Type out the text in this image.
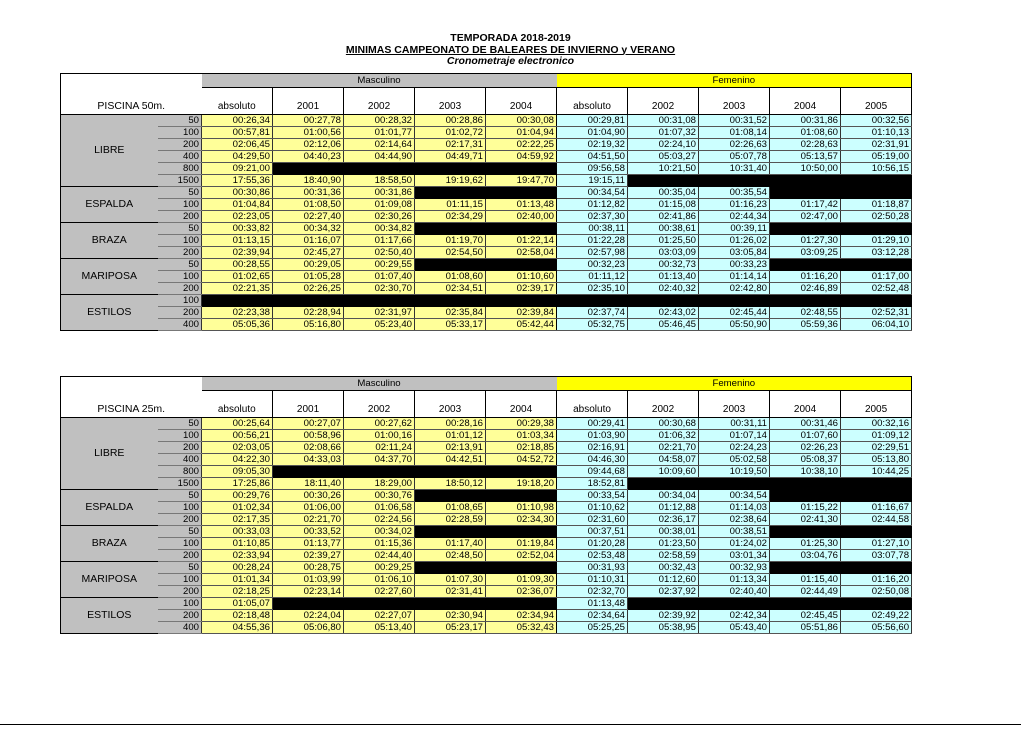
TEMPORADA 2018-2019
MINIMAS CAMPEONATO DE BALEARES DE INVIERNO y VERANO
Cronometraje electronico
PISCINA 50m.		Masculino					Femenino				
		absoluto	2001	2002	2003	2004	absoluto	2002	2003	2004	2005
LIBRE	50	00:26,34	00:27,78	00:28,32	00:28,86	00:30,08	00:29,81	00:31,08	00:31,52	00:31,86	00:32,56
	100	00:57,81	01:00,56	01:01,77	01:02,72	01:04,94	01:04,90	01:07,32	01:08,14	01:08,60	01:10,13
	200	02:06,45	02:12,06	02:14,64	02:17,31	02:22,25	02:19,32	02:24,10	02:26,63	02:28,63	02:31,91
	400	04:29,50	04:40,23	04:44,90	04:49,71	04:59,92	04:51,50	05:03,27	05:07,78	05:13,57	05:19,00
	800	09:21,00					09:56,58	10:21,50	10:31,40	10:50,00	10:56,15
	1500	17:55,36	18:40,90	18:58,50	19:19,62	19:47,70	19:15,11				
ESPALDA	50	00:30,86	00:31,36	00:31,86			00:34,54	00:35,04	00:35,54		
	100	01:04,84	01:08,50	01:09,08	01:11,15	01:13,48	01:12,82	01:15,08	01:16,23	01:17,42	01:18,87
	200	02:23,05	02:27,40	02:30,26	02:34,29	02:40,00	02:37,30	02:41,86	02:44,34	02:47,00	02:50,28
BRAZA	50	00:33,82	00:34,32	00:34,82			00:38,11	00:38,61	00:39,11		
	100	01:13,15	01:16,07	01:17,66	01:19,70	01:22,14	01:22,28	01:25,50	01:26,02	01:27,30	01:29,10
	200	02:39,94	02:45,27	02:50,40	02:54,50	02:58,04	02:57,98	03:03,09	03:05,84	03:09,25	03:12,28
MARIPOSA	50	00:28,55	00:29,05	00:29,55			00:32,23	00:32,73	00:33,23		
	100	01:02,65	01:05,28	01:07,40	01:08,60	01:10,60	01:11,12	01:13,40	01:14,14	01:16,20	01:17,00
	200	02:21,35	02:26,25	02:30,70	02:34,51	02:39,17	02:35,10	02:40,32	02:42,80	02:46,89	02:52,48
ESTILOS	100										
	200	02:23,38	02:28,94	02:31,97	02:35,84	02:39,84	02:37,74	02:43,02	02:45,44	02:48,55	02:52,31
	400	05:05,36	05:16,80	05:23,40	05:33,17	05:42,44	05:32,75	05:46,45	05:50,90	05:59,36	06:04,10
PISCINA 25m.		Masculino					Femenino				
		absoluto	2001	2002	2003	2004	absoluto	2002	2003	2004	2005
LIBRE	50	00:25,64	00:27,07	00:27,62	00:28,16	00:29,38	00:29,41	00:30,68	00:31,11	00:31,46	00:32,16
	100	00:56,21	00:58,96	01:00,16	01:01,12	01:03,34	01:03,90	01:06,32	01:07,14	01:07,60	01:09,12
	200	02:03,05	02:08,66	02:11,24	02:13,91	02:18,85	02:16,91	02:21,70	02:24,23	02:26,23	02:29,51
	400	04:22,30	04:33,03	04:37,70	04:42,51	04:52,72	04:46,30	04:58,07	05:02,58	05:08,37	05:13,80
	800	09:05,30					09:44,68	10:09,60	10:19,50	10:38,10	10:44,25
	1500	17:25,86	18:11,40	18:29,00	18:50,12	19:18,20	18:52,81				
ESPALDA	50	00:29,76	00:30,26	00:30,76			00:33,54	00:34,04	00:34,54		
	100	01:02,34	01:06,00	01:06,58	01:08,65	01:10,98	01:10,62	01:12,88	01:14,03	01:15,22	01:16,67
	200	02:17,35	02:21,70	02:24,56	02:28,59	02:34,30	02:31,60	02:36,17	02:38,64	02:41,30	02:44,58
BRAZA	50	00:33,03	00:33,52	00:34,02			00:37,51	00:38,01	00:38,51		
	100	01:10,85	01:13,77	01:15,36	01:17,40	01:19,84	01:20,28	01:23,50	01:24,02	01:25,30	01:27,10
	200	02:33,94	02:39,27	02:44,40	02:48,50	02:52,04	02:53,48	02:58,59	03:01,34	03:04,76	03:07,78
MARIPOSA	50	00:28,24	00:28,75	00:29,25			00:31,93	00:32,43	00:32,93		
	100	01:01,34	01:03,99	01:06,10	01:07,30	01:09,30	01:10,31	01:12,60	01:13,34	01:15,40	01:16,20
	200	02:18,25	02:23,14	02:27,60	02:31,41	02:36,07	02:32,70	02:37,92	02:40,40	02:44,49	02:50,08
ESTILOS	100	01:05,07					01:13,48				
	200	02:18,48	02:24,04	02:27,07	02:30,94	02:34,94	02:34,64	02:39,92	02:42,34	02:45,45	02:49,22
	400	04:55,36	05:06,80	05:13,40	05:23,17	05:32,43	05:25,25	05:38,95	05:43,40	05:51,86	05:56,60
